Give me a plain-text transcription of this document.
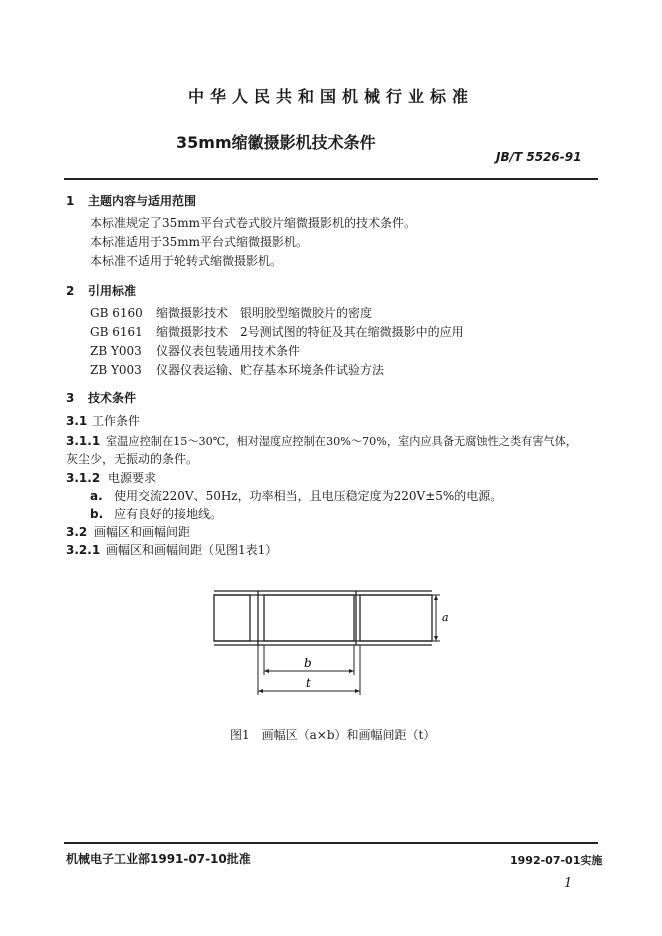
中华人民共和国机械行业标准
35mm缩徽摄影机技术条件
JB/T 5526-91
1 主题内容与适用范围
本标准规定了35mm平台式卷式胶片缩微摄影机的技术条件。
本标准适用于35mm平台式缩微摄影机。
本标准不适用于轮转式缩微摄影机。
2 引用标准
GB 6160 缩微摄影技术　银明胶型缩微胶片的密度
GB 6161 缩微摄影技术　2号测试图的特征及其在缩微摄影中的应用
ZB Y003 仪器仪表包装通用技术条件
ZB Y003 仪器仪表运输、贮存基本环境条件试验方法
3 技术条件
3.1 工作条件
3.1.1 室温应控制在15～30℃，相对湿度应控制在30%～70%，室内应具备无腐蚀性之类有害气体，
灰尘少，无振动的条件。
3.1.2 电源要求
a. 使用交流220V、50Hz，功率相当，且电压稳定度为220V±5%的电源。
b. 应有良好的接地线。
3.2 画幅区和画幅间距
3.2.1 画幅区和画幅间距（见图1表1）
a
b
t
图1　画幅区（a×b）和画幅间距（t）
机械电子工业部1991-07-10批准	1992-07-01实施
1
